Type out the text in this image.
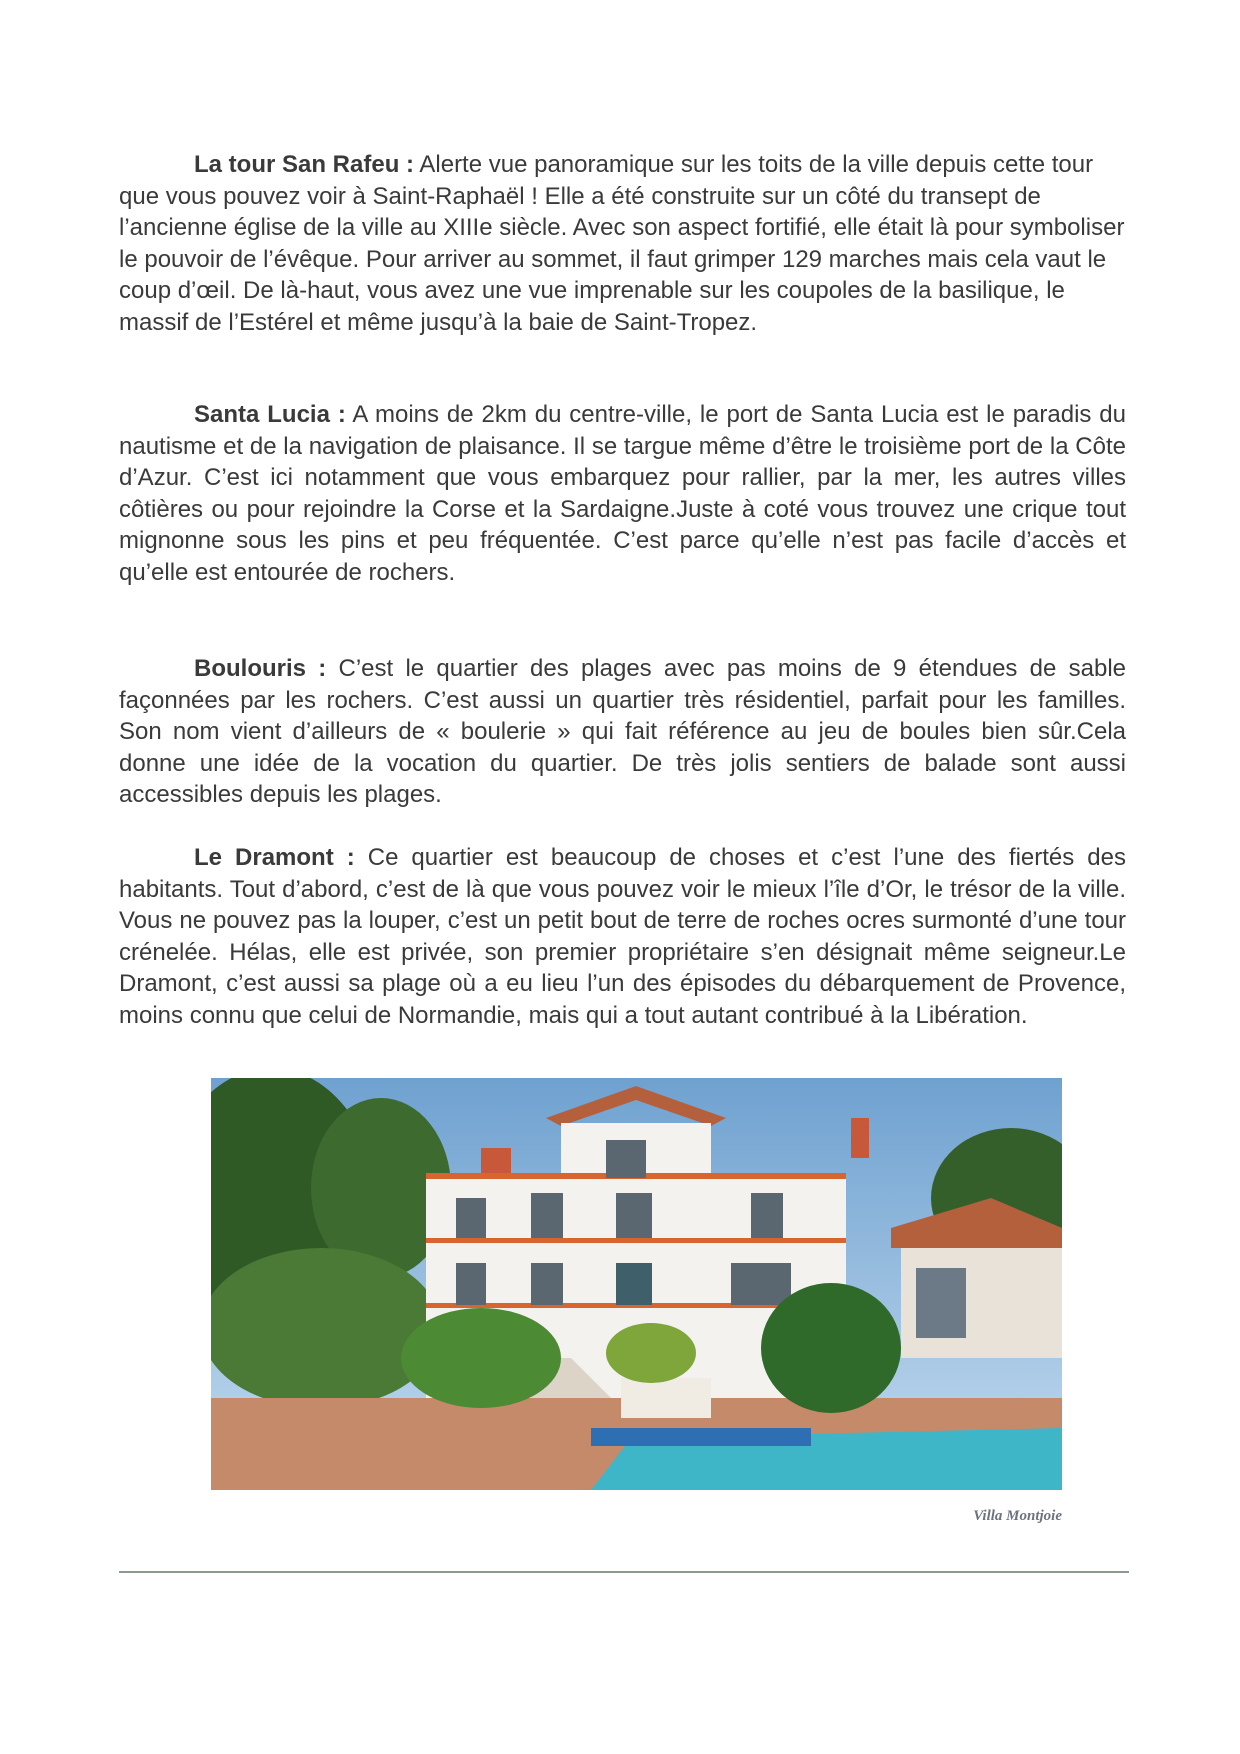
La tour San Rafeu : Alerte vue panoramique sur les toits de la ville depuis cette tour que vous pouvez voir à Saint-Raphaël ! Elle a été construite sur un côté du transept de l’ancienne église de la ville au XIIIe siècle. Avec son aspect fortifié, elle était là pour symboliser le pouvoir de l’évêque. Pour arriver au sommet, il faut grimper 129 marches mais cela vaut le coup d’œil. De là-haut, vous avez une vue imprenable sur les coupoles de la basilique, le massif de l’Estérel et même jusqu’à la baie de Saint-Tropez.

Santa Lucia : A moins de 2km du centre-ville, le port de Santa Lucia est le paradis du nautisme et de la navigation de plaisance. Il se targue même d’être le troisième port de la Côte d’Azur. C’est ici notamment que vous embarquez pour rallier, par la mer, les autres villes côtières ou pour rejoindre la Corse et la Sardaigne.Juste à coté vous trouvez une crique tout mignonne sous les pins et peu fréquentée. C’est parce qu’elle n’est pas facile d’accès et qu’elle est entourée de rochers.

Boulouris : C’est le quartier des plages avec pas moins de 9 étendues de sable façonnées par les rochers. C’est aussi un quartier très résidentiel, parfait pour les familles. Son nom vient d’ailleurs de « boulerie » qui fait référence au jeu de boules bien sûr.Cela donne une idée de la vocation du quartier. De très jolis sentiers de balade sont aussi accessibles depuis les plages.

Le Dramont : Ce quartier est beaucoup de choses et c’est l’une des fiertés des habitants. Tout d’abord, c’est de là que vous pouvez voir le mieux l’île d’Or, le trésor de la ville. Vous ne pouvez pas la louper, c’est un petit bout de terre de roches ocres surmonté d’une tour crénelée. Hélas, elle est privée, son premier propriétaire s’en désignait même seigneur.Le Dramont, c’est aussi sa plage où a eu lieu l’un des épisodes du débarquement de Provence, moins connu que celui de Normandie, mais qui a tout autant contribué à la Libération.

Villa Montjoie
